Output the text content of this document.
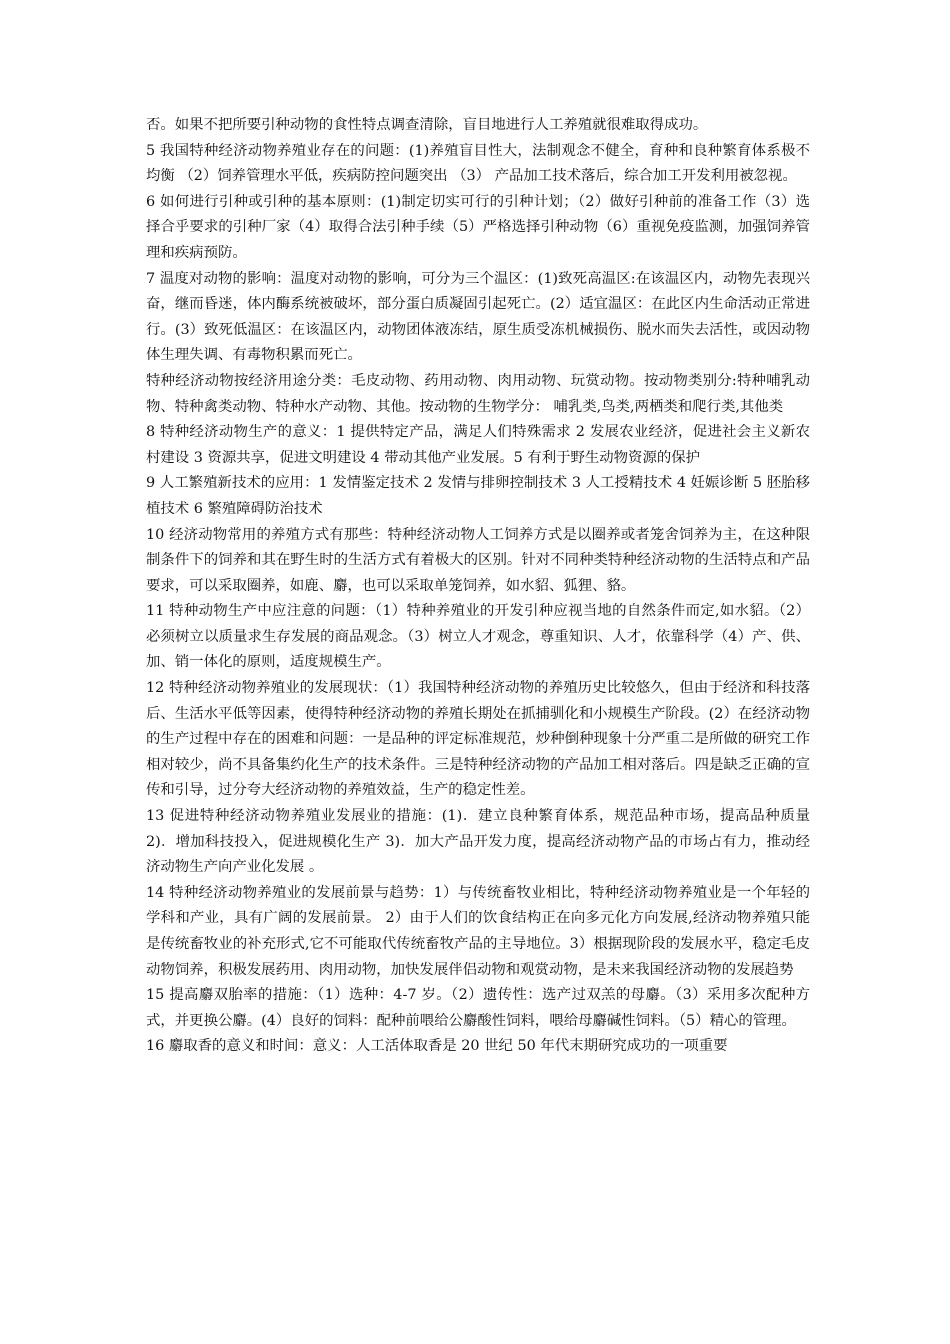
否。如果不把所要引种动物的食性特点调查清除，盲目地进行人工养殖就很难取得成功。

5 我国特种经济动物养殖业存在的问题：(1)养殖盲目性大，法制观念不健全，育种和良种繁育体系极不均衡 （2）饲养管理水平低，疾病防控问题突出 （3） 产品加工技术落后，综合加工开发利用被忽视。

6 如何进行引种或引种的基本原则：(1)制定切实可行的引种计划；（2）做好引种前的准备工作（3）选择合乎要求的引种厂家（4）取得合法引种手续（5）严格选择引种动物（6）重视免疫监测，加强饲养管理和疾病预防。

7 温度对动物的影响：温度对动物的影响，可分为三个温区：(1)致死高温区:在该温区内，动物先表现兴奋，继而昏迷，体内酶系统被破坏，部分蛋白质凝固引起死亡。(2）适宜温区：在此区内生命活动正常进行。(3）致死低温区：在该温区内，动物团体液冻结，原生质受冻机械损伤、脱水而失去活性，或因动物体生理失调、有毒物积累而死亡。

特种经济动物按经济用途分类：毛皮动物、药用动物、肉用动物、玩赏动物。按动物类别分:特种哺乳动物、特种禽类动物、特种水产动物、其他。按动物的生物学分： 哺乳类,鸟类,两栖类和爬行类,其他类

8 特种经济动物生产的意义：1 提供特定产品，满足人们特殊需求 2 发展农业经济，促进社会主义新农村建设 3 资源共享，促进文明建设 4 带动其他产业发展。5 有利于野生动物资源的保护

9 人工繁殖新技术的应用：1 发情鉴定技术 2 发情与排卵控制技术 3 人工授精技术 4 妊娠诊断 5 胚胎移植技术 6 繁殖障碍防治技术

10 经济动物常用的养殖方式有那些：特种经济动物人工饲养方式是以圈养或者笼舍饲养为主，在这种限制条件下的饲养和其在野生时的生活方式有着极大的区别。针对不同种类特种经济动物的生活特点和产品要求，可以采取圈养，如鹿、麝，也可以采取单笼饲养，如水貂、狐狸、貉。

11 特种动物生产中应注意的问题：（1）特种养殖业的开发引种应视当地的自然条件而定,如水貂。（2）必须树立以质量求生存发展的商品观念。（3）树立人才观念，尊重知识、人才，依靠科学（4）产、供、加、销一体化的原则，适度规模生产。

12 特种经济动物养殖业的发展现状：（1）我国特种经济动物的养殖历史比较悠久，但由于经济和科技落后、生活水平低等因素，使得特种经济动物的养殖长期处在抓捕驯化和小规模生产阶段。(2）在经济动物的生产过程中存在的困难和问题：一是品种的评定标准规范，炒种倒种现象十分严重二是所做的研究工作相对较少，尚不具备集约化生产的技术条件。三是特种经济动物的产品加工相对落后。四是缺乏正确的宣传和引导，过分夸大经济动物的养殖效益，生产的稳定性差。

13 促进特种经济动物养殖业发展业的措施：(1)．建立良种繁育体系，规范品种市场，提高品种质量 2)．增加科技投入，促进规模化生产 3)．加大产品开发力度，提高经济动物产品的市场占有力，推动经济动物生产向产业化发展 。

14 特种经济动物养殖业的发展前景与趋势：1）与传统畜牧业相比，特种经济动物养殖业是一个年轻的学科和产业，具有广阔的发展前景。 2）由于人们的饮食结构正在向多元化方向发展,经济动物养殖只能是传统畜牧业的补充形式,它不可能取代传统畜牧产品的主导地位。3）根据现阶段的发展水平，稳定毛皮动物饲养，积极发展药用、肉用动物，加快发展伴侣动物和观赏动物，是未来我国经济动物的发展趋势

15 提高麝双胎率的措施：（1）选种：4-7 岁。（2）遗传性：选产过双羔的母麝。（3）采用多次配种方式，并更换公麝。(4）良好的饲料：配种前喂给公麝酸性饲料，喂给母麝碱性饲料。（5）精心的管理。

16 麝取香的意义和时间：意义：人工活体取香是 20 世纪 50 年代末期研究成功的一项重要
